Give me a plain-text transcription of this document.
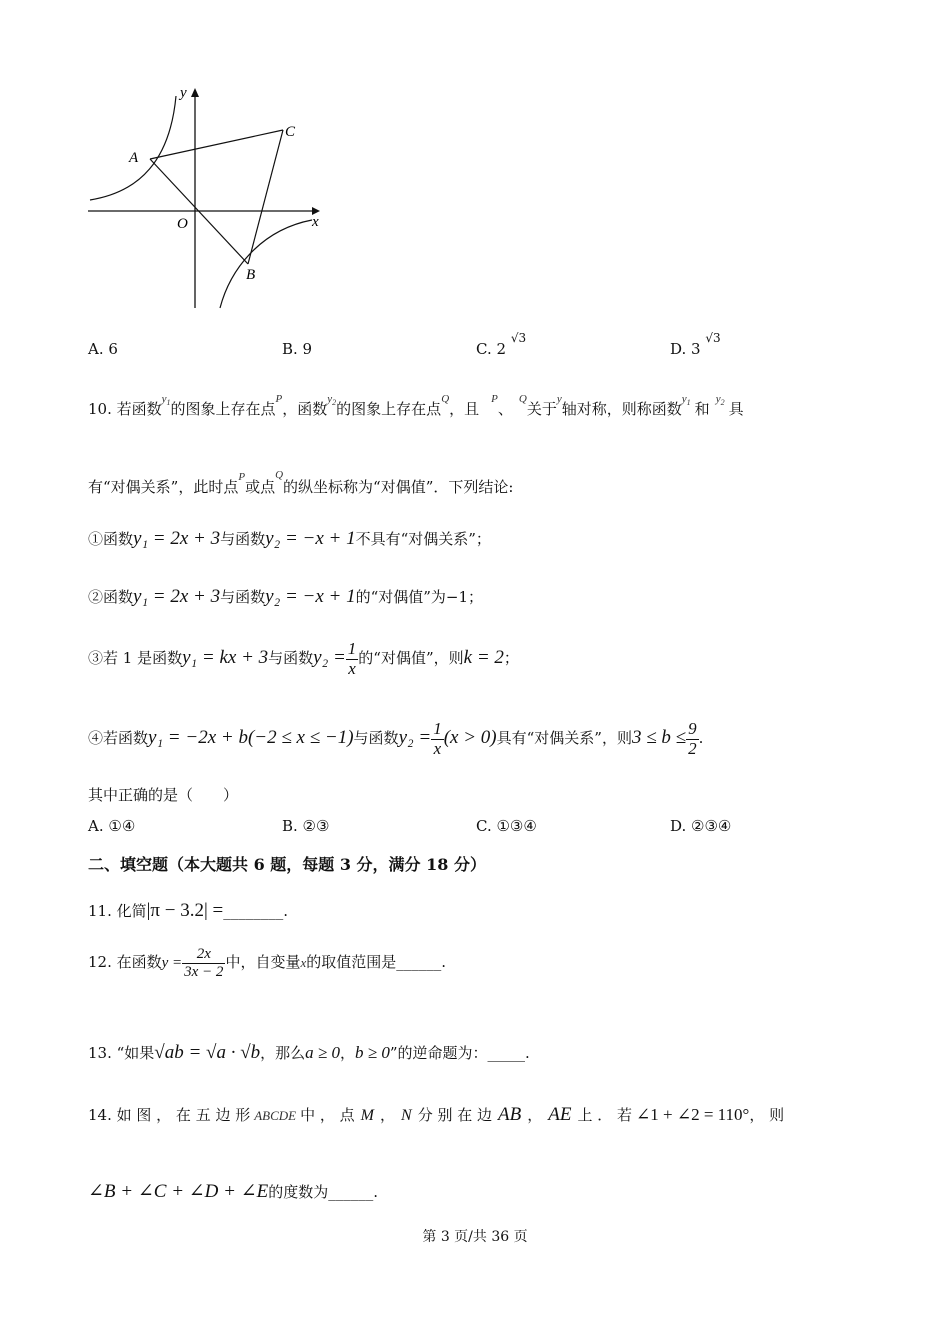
y
x
O
A
B
C
A. 6	B. 9	C. 2 $^{√3}$
D. 3 $^{√3}$
10. 若函数$^{y_1}$的图象上存在点$^P$，函数$^{y_2}$的图象上存在点$^Q$，且$^P$、$^Q$关于$^y$轴对称，则称函数$^{y_1}$ 和$^{y_2}$ 具
有“对偶关系”，此时点$^P$或点$^Q$的纵坐标称为“对偶值”．下列结论:
①函数y₁ = 2x + 3与函数y₂ = −x + 1不具有“对偶关系”；
②函数y₁ = 2x + 3与函数y₂ = −x + 1的“对偶值”为−1；
③若 1 是函数y₁ = kx + 3与函数$y_2 = \frac{1}{x}$ 的“对偶值”，则k = 2；
④若函数y₁ = −2x + b(−2 ≤ x ≤ −1)与函数$y_2 = \frac{1}{x} (x > 0)$具有“对偶关系”，则$3 \le b \le \frac{9}{2}$ .
其中正确的是（　　）
A. ①④	B. ②③	C. ①③④	D. ②③④
二、填空题（本大题共 6 题，每题 3 分，满分 18 分）
11. 化简|π − 3.2| =________.
12. 在函数$y = \frac{2x}{3x - 2}$ 中，自变量x的取值范围是______.
13. “如果√ab = √a · √b，那么a ≥ 0，b ≥ 0”的逆命题为：_____.
14. 如 图 ， 在 五 边 形 ABCDE 中 ， 点 M ， N 分 别 在 边 AB ， AE 上 ． 若 ∠1 + ∠2 = 110°， 则
∠B + ∠C + ∠D + ∠E的度数为______.
第 3 页/共 36 页
